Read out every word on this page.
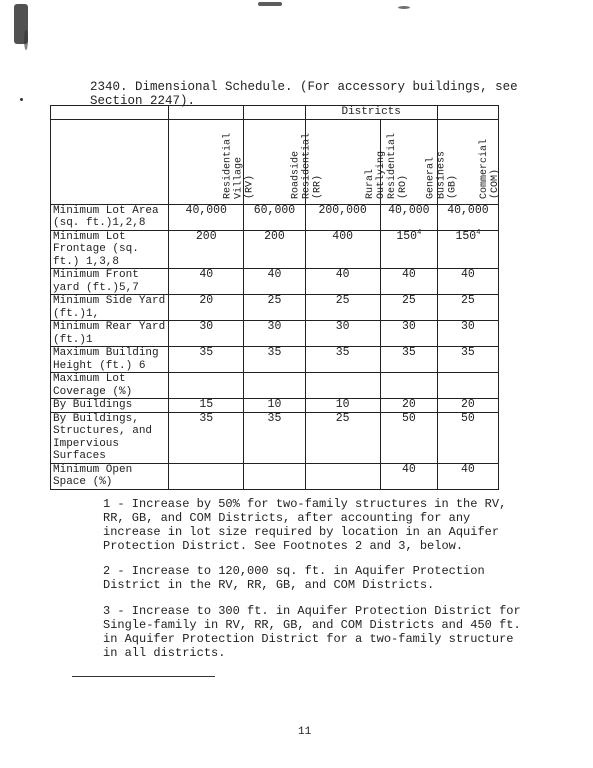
2340. Dimensional Schedule. (For accessory buildings, see
Section 2247).
			Districts		

	Residential
Village
(RV)	Roadside
Residential
(RR)	Rural
Outlying
Residential
(RO)	General
Business
(GB)	Commercial
(COM)

Minimum Lot Area (sq. ft.)1,2,8	40,000	60,000	200,000	40,000	40,000
Minimum Lot Frontage (sq. ft.) 1,3,8	200	200	400	$150^4$	$150^4$
Minimum Front yard (ft.)5,7	40	40	40	40	40
Minimum Side Yard (ft.)1,	20	25	25	25	25
Minimum Rear Yard (ft.)1	30	30	30	30	30
Maximum Building Height (ft.) 6	35	35	35	35	35
Maximum Lot Coverage (%)					
By Buildings	15	10	10	20	20
By Buildings, Structures, and Impervious Surfaces	35	35	25	50	50
Minimum Open Space (%)				40	40
1 - Increase by 50% for two-family structures in the RV, RR, GB, and COM Districts, after accounting for any increase in lot size required by location in an Aquifer Protection District. See Footnotes 2 and 3, below.
2 - Increase to 120,000 sq. ft. in Aquifer Protection District in the RV, RR, GB, and COM Districts.
3 - Increase to 300 ft. in Aquifer Protection District for Single-family in RV, RR, GB, and COM Districts and 450 ft. in Aquifer Protection District for a two-family structure in all districts.
11
